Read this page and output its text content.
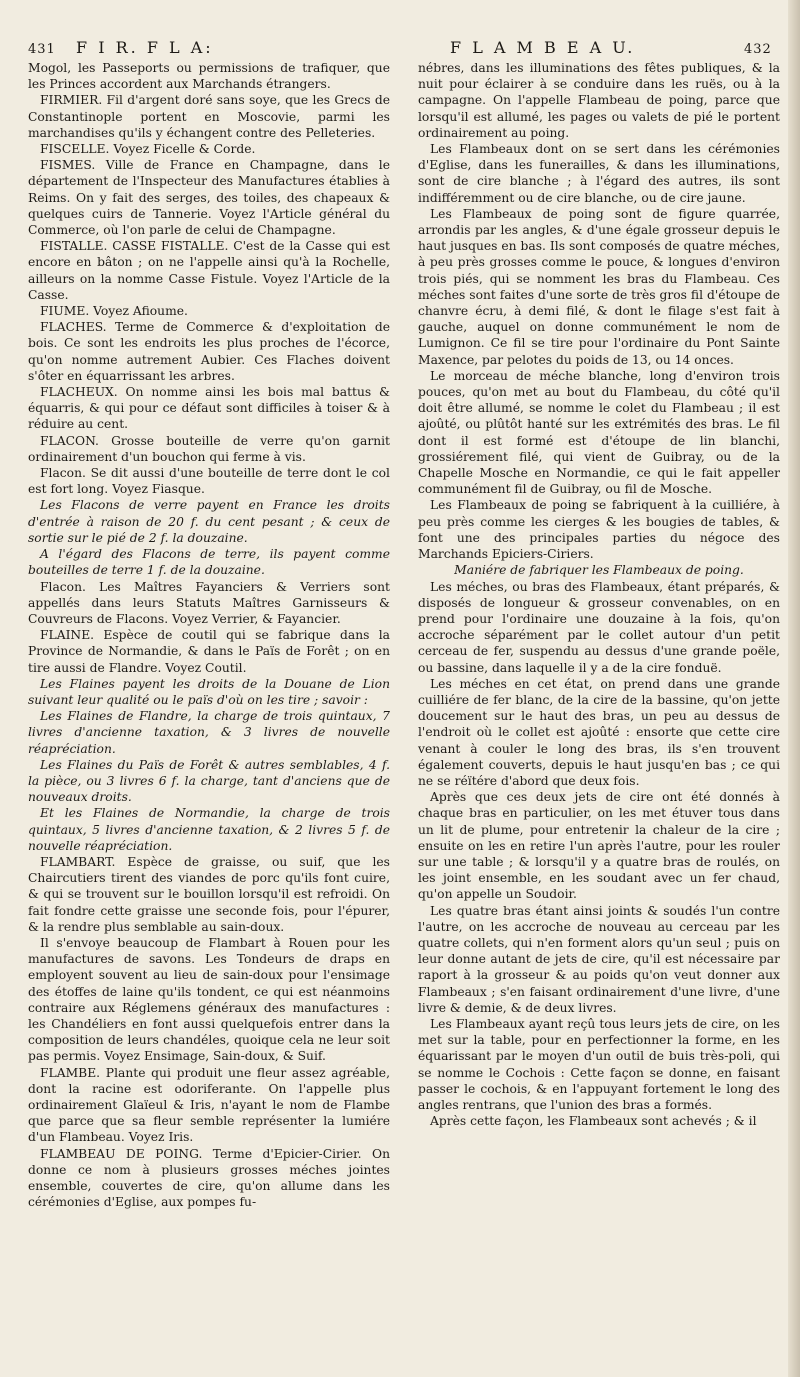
431 F I R. F L A:	F L A M B E A U.	432

Mogol, les Passeports ou permissions de trafiquer, que les Princes accordent aux Marchands étrangers.

FIRMIER. Fil d'argent doré sans soye, que les Grecs de Constantinople portent en Moscovie, parmi les marchandises qu'ils y échangent contre des Pelleteries.

FISCELLE. Voyez Ficelle & Corde.

FISMES. Ville de France en Champagne, dans le département de l'Inspecteur des Manufactures établies à Reims. On y fait des serges, des toiles, des chapeaux & quelques cuirs de Tannerie. Voyez l'Article général du Commerce, où l'on parle de celui de Champagne.

FISTALLE. CASSE FISTALLE. C'est de la Casse qui est encore en bâton ; on ne l'appelle ainsi qu'à la Rochelle, ailleurs on la nomme Casse Fistule. Voyez l'Article de la Casse.

FIUME. Voyez Afioume.

FLACHES. Terme de Commerce & d'exploitation de bois. Ce sont les endroits les plus proches de l'écorce, qu'on nomme autrement Aubier. Ces Flaches doivent s'ôter en équarrissant les arbres.

FLACHEUX. On nomme ainsi les bois mal battus & équarris, & qui pour ce défaut sont difficiles à toiser & à réduire au cent.

FLACON. Grosse bouteille de verre qu'on garnit ordinairement d'un bouchon qui ferme à vis.

Flacon. Se dit aussi d'une bouteille de terre dont le col est fort long. Voyez Fiasque.

Les Flacons de verre payent en France les droits d'entrée à raison de 20 f. du cent pesant ; & ceux de sortie sur le pié de 2 f. la douzaine.

A l'égard des Flacons de terre, ils payent comme bouteilles de terre 1 f. de la douzaine.

Flacon. Les Maîtres Fayanciers & Verriers sont appellés dans leurs Statuts Maîtres Garnisseurs & Couvreurs de Flacons. Voyez Verrier, & Fayancier.

FLAINE. Espèce de coutil qui se fabrique dans la Province de Normandie, & dans le Païs de Forêt ; on en tire aussi de Flandre. Voyez Coutil.

Les Flaines payent les droits de la Douane de Lion suivant leur qualité ou le païs d'où on les tire ; savoir :

Les Flaines de Flandre, la charge de trois quintaux, 7 livres d'ancienne taxation, & 3 livres de nouvelle réapréciation.

Les Flaines du Païs de Forêt & autres semblables, 4 f. la pièce, ou 3 livres 6 f. la charge, tant d'anciens que de nouveaux droits.

Et les Flaines de Normandie, la charge de trois quintaux, 5 livres d'ancienne taxation, & 2 livres 5 f. de nouvelle réapréciation.

FLAMBART. Espèce de graisse, ou suif, que les Chaircutiers tirent des viandes de porc qu'ils font cuire, & qui se trouvent sur le bouillon lorsqu'il est refroidi. On fait fondre cette graisse une seconde fois, pour l'épurer, & la rendre plus semblable au sain-doux.

Il s'envoye beaucoup de Flambart à Rouen pour les manufactures de savons. Les Tondeurs de draps en employent souvent au lieu de sain-doux pour l'ensimage des étoffes de laine qu'ils tondent, ce qui est néanmoins contraire aux Réglemens généraux des manufactures : les Chandéliers en font aussi quelquefois entrer dans la composition de leurs chandéles, quoique cela ne leur soit pas permis. Voyez Ensimage, Sain-doux, & Suif.

FLAMBE. Plante qui produit une fleur assez agréable, dont la racine est odoriferante. On l'appelle plus ordinairement Glaïeul & Iris, n'ayant le nom de Flambe que parce que sa fleur semble représenter la lumiére d'un Flambeau. Voyez Iris.

FLAMBEAU DE POING. Terme d'Epicier-Cirier. On donne ce nom à plusieurs grosses méches jointes ensemble, couvertes de cire, qu'on allume dans les cérémonies d'Eglise, aux pompes fu-

nébres, dans les illuminations des fêtes publiques, & la nuit pour éclairer à se conduire dans les ruës, ou à la campagne. On l'appelle Flambeau de poing, parce que lorsqu'il est allumé, les pages ou valets de pié le portent ordinairement au poing.

Les Flambeaux dont on se sert dans les cérémonies d'Eglise, dans les funerailles, & dans les illuminations, sont de cire blanche ; à l'égard des autres, ils sont indifféremment ou de cire blanche, ou de cire jaune.

Les Flambeaux de poing sont de figure quarrée, arrondis par les angles, & d'une égale grosseur depuis le haut jusques en bas. Ils sont composés de quatre méches, à peu près grosses comme le pouce, & longues d'environ trois piés, qui se nomment les bras du Flambeau. Ces méches sont faites d'une sorte de très gros fil d'étoupe de chanvre écru, à demi filé, & dont le filage s'est fait à gauche, auquel on donne communément le nom de Lumignon. Ce fil se tire pour l'ordinaire du Pont Sainte Maxence, par pelotes du poids de 13, ou 14 onces.

Le morceau de méche blanche, long d'environ trois pouces, qu'on met au bout du Flambeau, du côté qu'il doit être allumé, se nomme le colet du Flambeau ; il est ajoûté, ou plûtôt hanté sur les extrémités des bras. Le fil dont il est formé est d'étoupe de lin blanchi, grossiérement filé, qui vient de Guibray, ou de la Chapelle Mosche en Normandie, ce qui le fait appeller communément fil de Guibray, ou fil de Mosche.

Les Flambeaux de poing se fabriquent à la cuilliére, à peu près comme les cierges & les bougies de tables, & font une des principales parties du négoce des Marchands Epiciers-Ciriers.

Maniére de fabriquer les Flambeaux de poing.

Les méches, ou bras des Flambeaux, étant préparés, & disposés de longueur & grosseur convenables, on en prend pour l'ordinaire une douzaine à la fois, qu'on accroche séparément par le collet autour d'un petit cerceau de fer, suspendu au dessus d'une grande poële, ou bassine, dans laquelle il y a de la cire fonduë.

Les méches en cet état, on prend dans une grande cuilliére de fer blanc, de la cire de la bassine, qu'on jette doucement sur le haut des bras, un peu au dessus de l'endroit où le collet est ajoûté : ensorte que cette cire venant à couler le long des bras, ils s'en trouvent également couverts, depuis le haut jusqu'en bas ; ce qui ne se réïtére d'abord que deux fois.

Après que ces deux jets de cire ont été donnés à chaque bras en particulier, on les met étuver tous dans un lit de plume, pour entretenir la chaleur de la cire ; ensuite on les en retire l'un après l'autre, pour les rouler sur une table ; & lorsqu'il y a quatre bras de roulés, on les joint ensemble, en les soudant avec un fer chaud, qu'on appelle un Soudoir.

Les quatre bras étant ainsi joints & soudés l'un contre l'autre, on les accroche de nouveau au cerceau par les quatre collets, qui n'en forment alors qu'un seul ; puis on leur donne autant de jets de cire, qu'il est nécessaire par raport à la grosseur & au poids qu'on veut donner aux Flambeaux ; s'en faisant ordinairement d'une livre, d'une livre & demie, & de deux livres.

Les Flambeaux ayant reçû tous leurs jets de cire, on les met sur la table, pour en perfectionner la forme, en les équarissant par le moyen d'un outil de buis très-poli, qui se nomme le Cochois : Cette façon se donne, en faisant passer le cochois, & en l'appuyant fortement le long des angles rentrans, que l'union des bras a formés.

Après cette façon, les Flambeaux sont achevés ; & il
